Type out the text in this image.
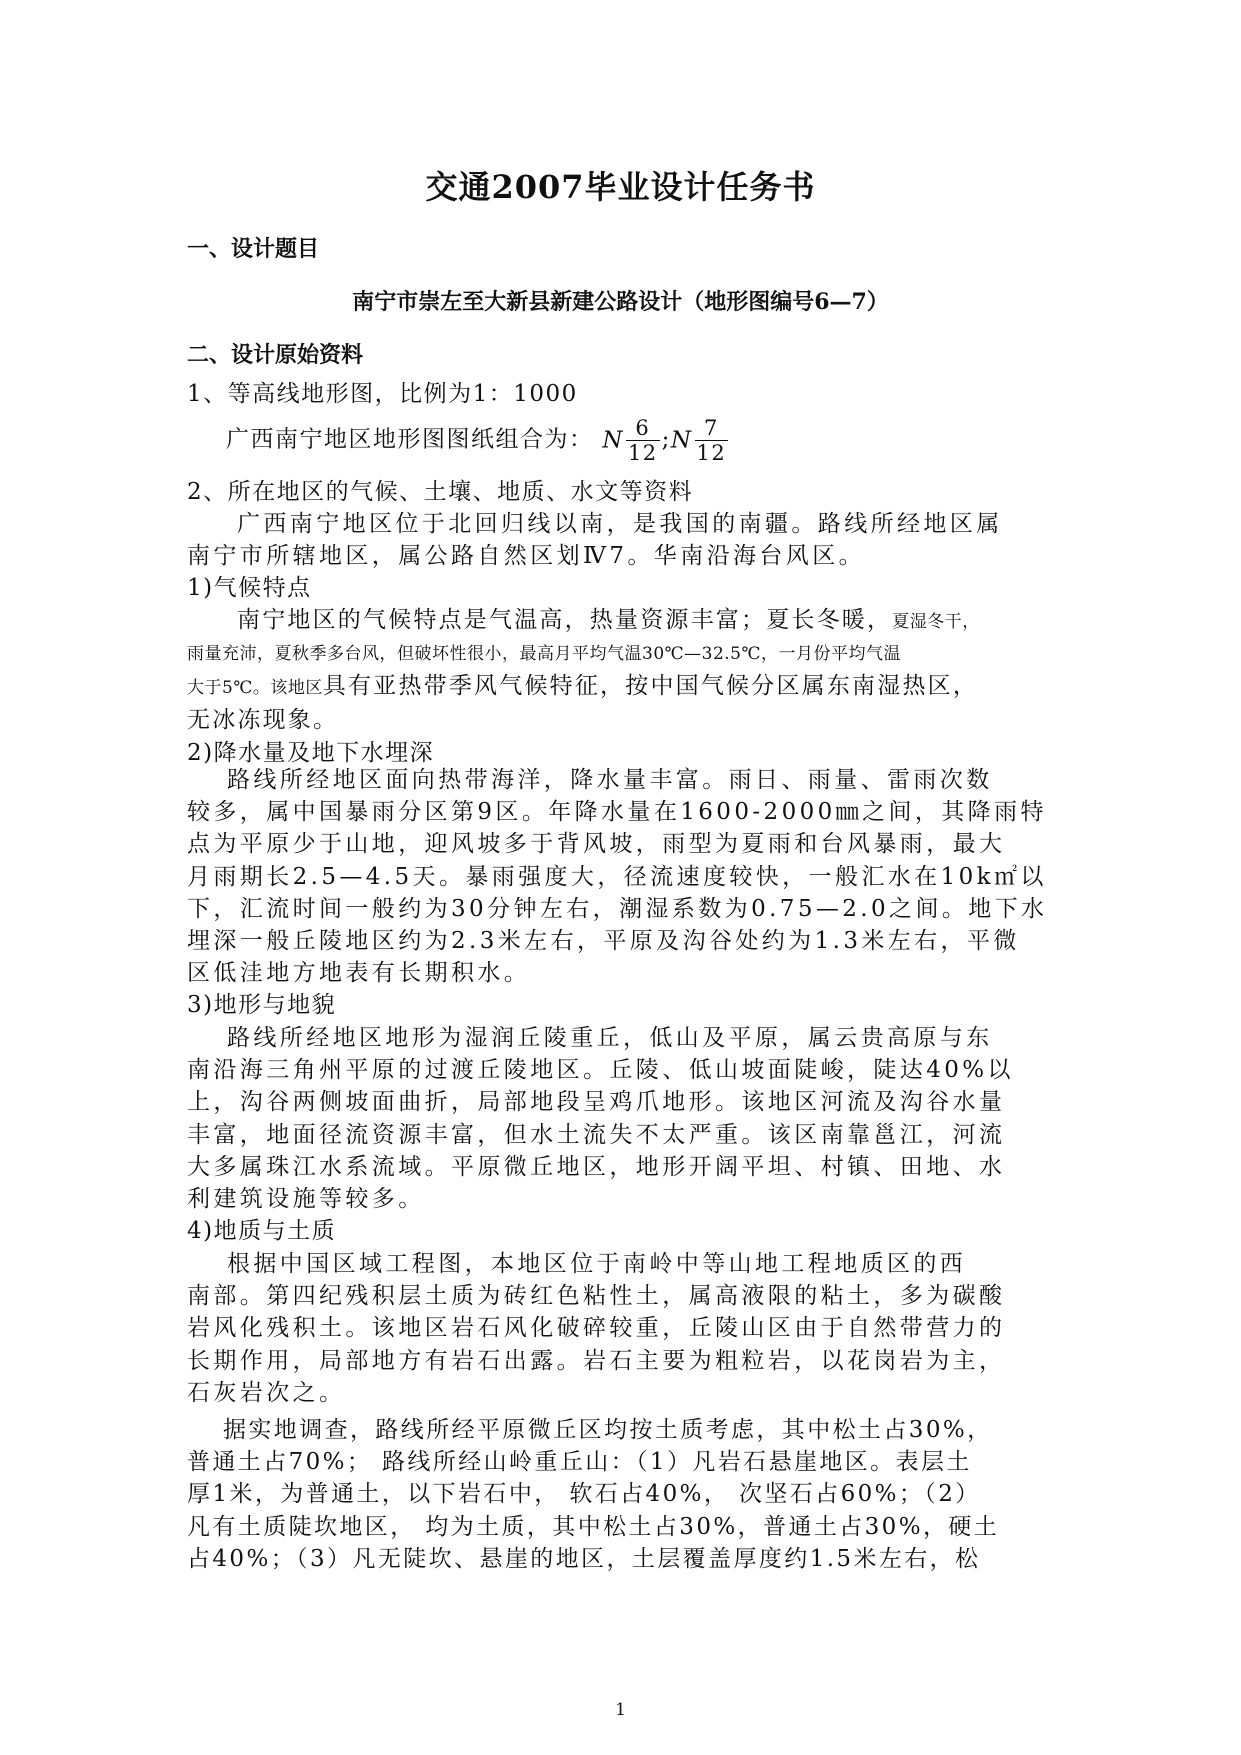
交通2007毕业设计任务书
一、设计题目
南宁市崇左至大新县新建公路设计（地形图编号6—7）
二、设计原始资料
1、等高线地形图，比例为1：1000
广西南宁地区地形图图纸组合为： N $\frac{6}{12}$ ;N $\frac{7}{12}$
2、所在地区的气候、土壤、地质、水文等资料

广西南宁地区位于北回归线以南，是我国的南疆。路线所经地区属

南宁市所辖地区，属公路自然区划Ⅳ7。华南沿海台风区。

1)气候特点

南宁地区的气候特点是气温高，热量资源丰富；夏长冬暖，夏湿冬干，

雨量充沛，夏秋季多台风，但破坏性很小，最高月平均气温30℃—32.5℃，一月份平均气温

大于5℃。该地区具有亚热带季风气候特征，按中国气候分区属东南湿热区，

无冰冻现象。

2)降水量及地下水埋深

路线所经地区面向热带海洋，降水量丰富。雨日、雨量、雷雨次数

较多，属中国暴雨分区第9区。年降水量在1600-2000㎜之间，其降雨特

点为平原少于山地，迎风坡多于背风坡，雨型为夏雨和台风暴雨，最大

月雨期长2.5—4.5天。暴雨强度大，径流速度较快，一般汇水在10k㎡以

下，汇流时间一般约为30分钟左右，潮湿系数为0.75—2.0之间。地下水

埋深一般丘陵地区约为2.3米左右，平原及沟谷处约为1.3米左右，平微

区低洼地方地表有长期积水。

3)地形与地貌

路线所经地区地形为湿润丘陵重丘，低山及平原，属云贵高原与东

南沿海三角州平原的过渡丘陵地区。丘陵、低山坡面陡峻，陡达40%以

上，沟谷两侧坡面曲折，局部地段呈鸡爪地形。该地区河流及沟谷水量

丰富，地面径流资源丰富，但水土流失不太严重。该区南靠邕江，河流

大多属珠江水系流域。平原微丘地区，地形开阔平坦、村镇、田地、水

利建筑设施等较多。

4)地质与土质

根据中国区域工程图，本地区位于南岭中等山地工程地质区的西

南部。第四纪残积层土质为砖红色粘性土，属高液限的粘土，多为碳酸

岩风化残积土。该地区岩石风化破碎较重，丘陵山区由于自然带营力的

长期作用，局部地方有岩石出露。岩石主要为粗粒岩，以花岗岩为主，

石灰岩次之。

据实地调查，路线所经平原微丘区均按土质考虑，其中松土占30%，

普通土占70%； 路线所经山岭重丘山：（1）凡岩石悬崖地区。表层土

厚1米，为普通土，以下岩石中， 软石占40%， 次坚石占60%；（2）

凡有土质陡坎地区， 均为土质，其中松土占30%，普通土占30%，硬土

占40%；（3）凡无陡坎、悬崖的地区，土层覆盖厚度约1.5米左右，松

1
